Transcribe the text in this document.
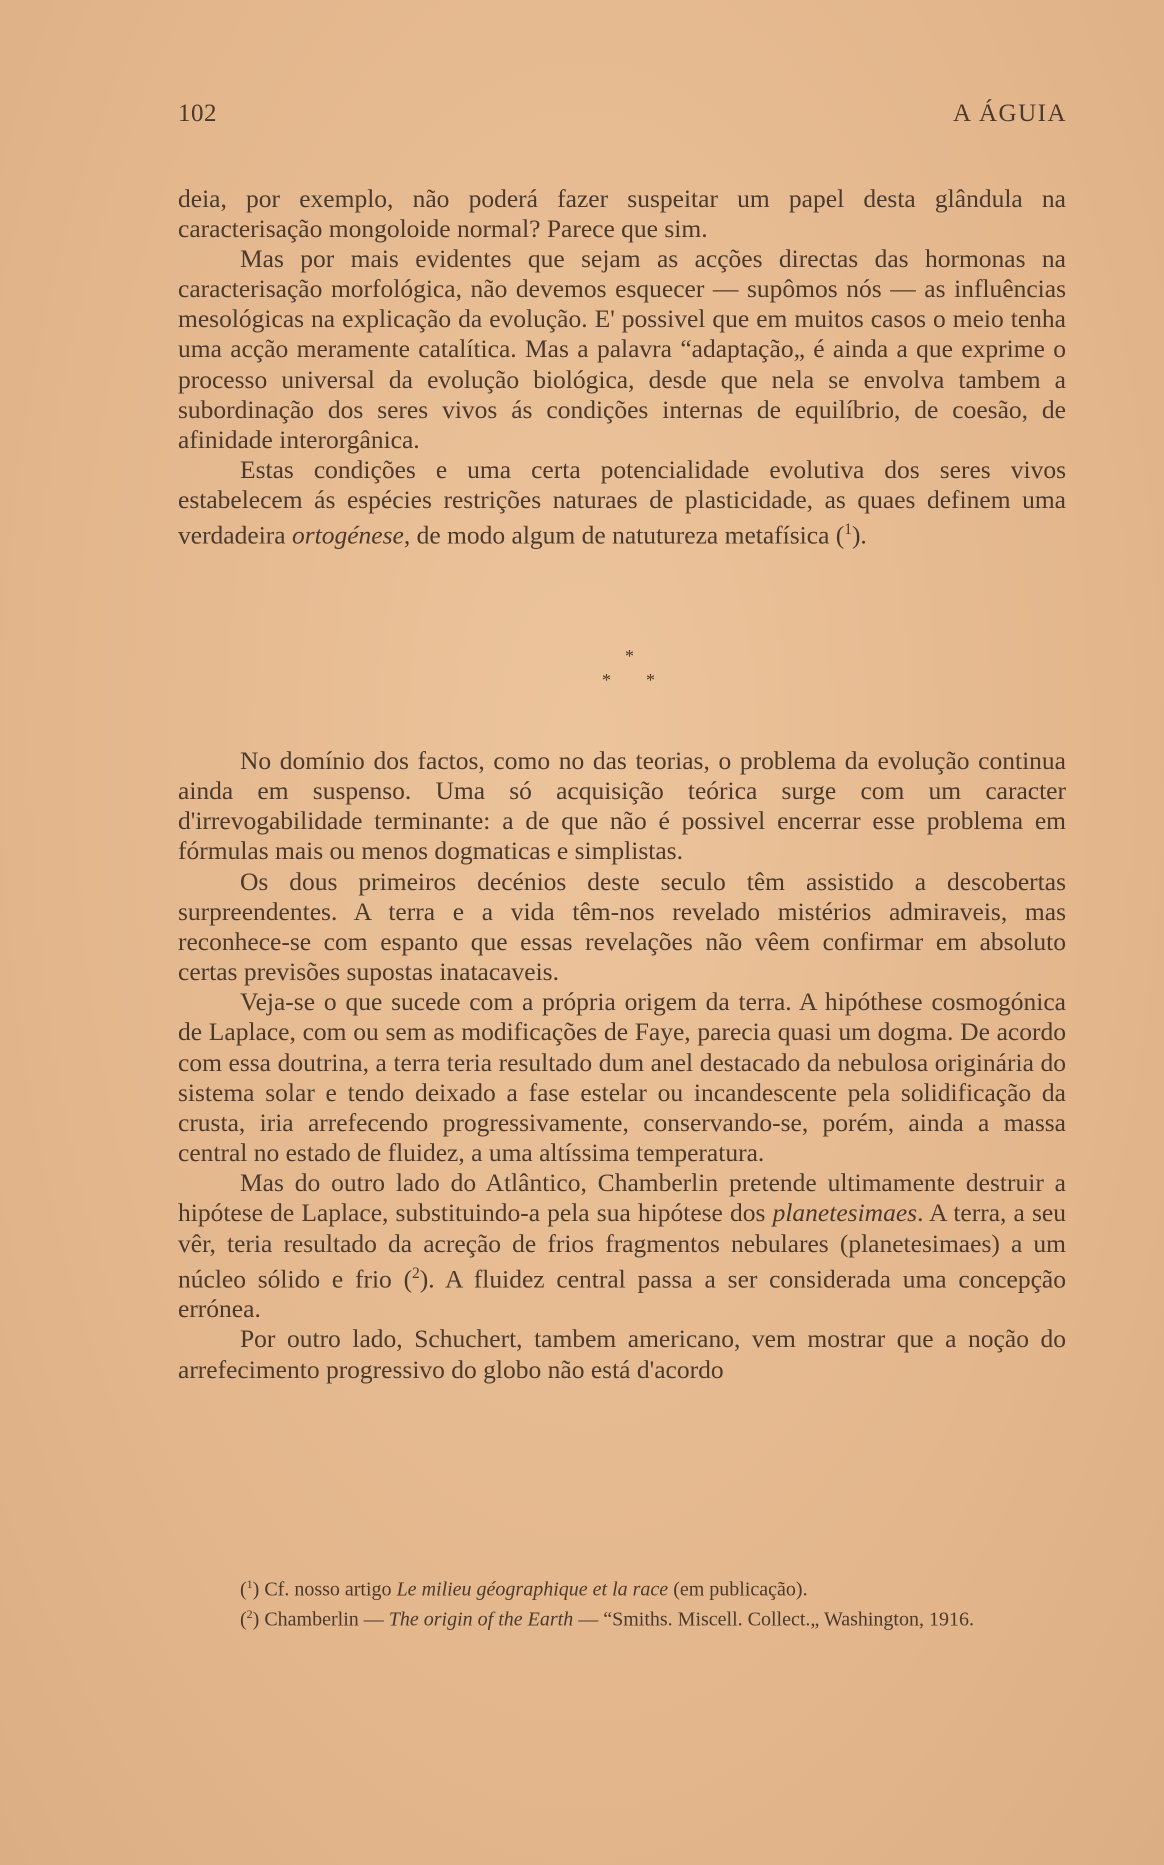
102	A ÁGUIA

deia, por exemplo, não poderá fazer suspeitar um papel desta glândula na caracterisação mongoloide normal? Parece que sim.

Mas por mais evidentes que sejam as acções directas das hormonas na caracterisação morfológica, não devemos esquecer — supômos nós — as influências mesológicas na explicação da evolução. E' possivel que em muitos casos o meio tenha uma acção meramente catalítica. Mas a palavra “adaptação„ é ainda a que exprime o processo universal da evolução biológica, desde que nela se envolva tambem a subordinação dos seres vivos ás condições internas de equilíbrio, de coesão, de afinidade interorgânica.

Estas condições e uma certa potencialidade evolutiva dos seres vivos estabelecem ás espécies restrições naturaes de plasticidade, as quaes definem uma verdadeira ortogénese, de modo algum de natutureza metafísica ($^1$).

*
* *

No domínio dos factos, como no das teorias, o problema da evolução continua ainda em suspenso. Uma só acquisição teórica surge com um caracter d'irrevogabilidade terminante: a de que não é possivel encerrar esse problema em fórmulas mais ou menos dogmaticas e simplistas.

Os dous primeiros decénios deste seculo têm assistido a descobertas surpreendentes. A terra e a vida têm-nos revelado mistérios admiraveis, mas reconhece-se com espanto que essas revelações não vêem confirmar em absoluto certas previsões supostas inatacaveis.

Veja-se o que sucede com a própria origem da terra. A hipóthese cosmogónica de Laplace, com ou sem as modificações de Faye, parecia quasi um dogma. De acordo com essa doutrina, a terra teria resultado dum anel destacado da nebulosa originária do sistema solar e tendo deixado a fase estelar ou incandescente pela solidificação da crusta, iria arrefecendo progressivamente, conservando-se, porém, ainda a massa central no estado de fluidez, a uma altíssima temperatura.

Mas do outro lado do Atlântico, Chamberlin pretende ultimamente destruir a hipótese de Laplace, substituindo-a pela sua hipótese dos planetesimaes. A terra, a seu vêr, teria resultado da acreção de frios fragmentos nebulares (planetesimaes) a um núcleo sólido e frio ($^2$). A fluidez central passa a ser considerada uma concepção errónea.

Por outro lado, Schuchert, tambem americano, vem mostrar que a noção do arrefecimento progressivo do globo não está d'acordo

($^1$) Cf. nosso artigo Le milieu géographique et la race (em publicação).

($^2$) Chamberlin — The origin of the Earth — “Smiths. Miscell. Collect.„ Washington, 1916.
